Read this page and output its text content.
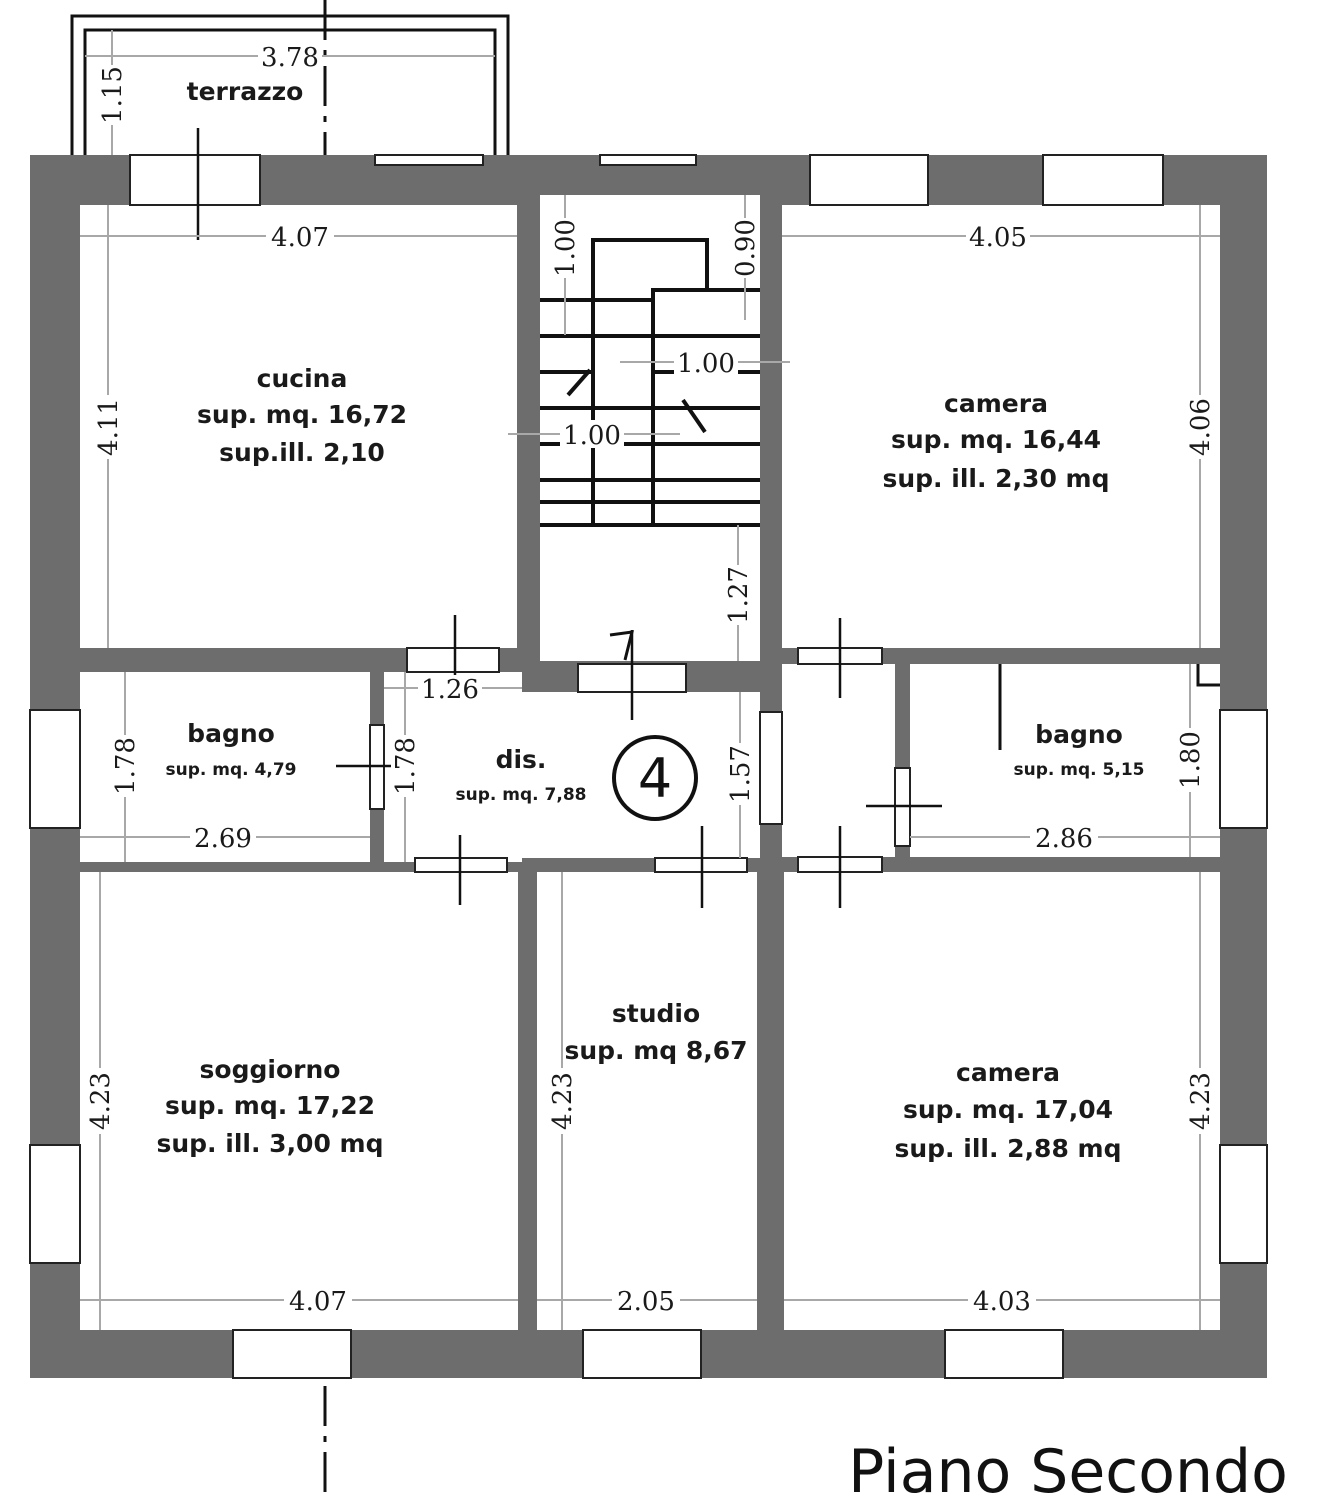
3.78
1.15
4.07
4.11
1.00	0.90
1.00
1.00
1.27
4.05
4.06
1.78
2.69
1.78
1.26
1.57	1.80
2.86
4.23
4.07
4.23
2.05
4.23
4.03
terrazzo
cucina
sup. mq. 16,72
sup.ill. 2,10
camera
sup. mq. 16,44
sup. ill. 2,30 mq
bagno
sup. mq. 4,79	dis.
sup. mq. 7,88
bagno
sup. mq. 5,15
soggiorno
sup. mq. 17,22
sup. ill. 3,00 mq
studio
sup. mq 8,67
camera
sup. mq. 17,04
sup. ill. 2,88 mq
4
Piano Secondo
